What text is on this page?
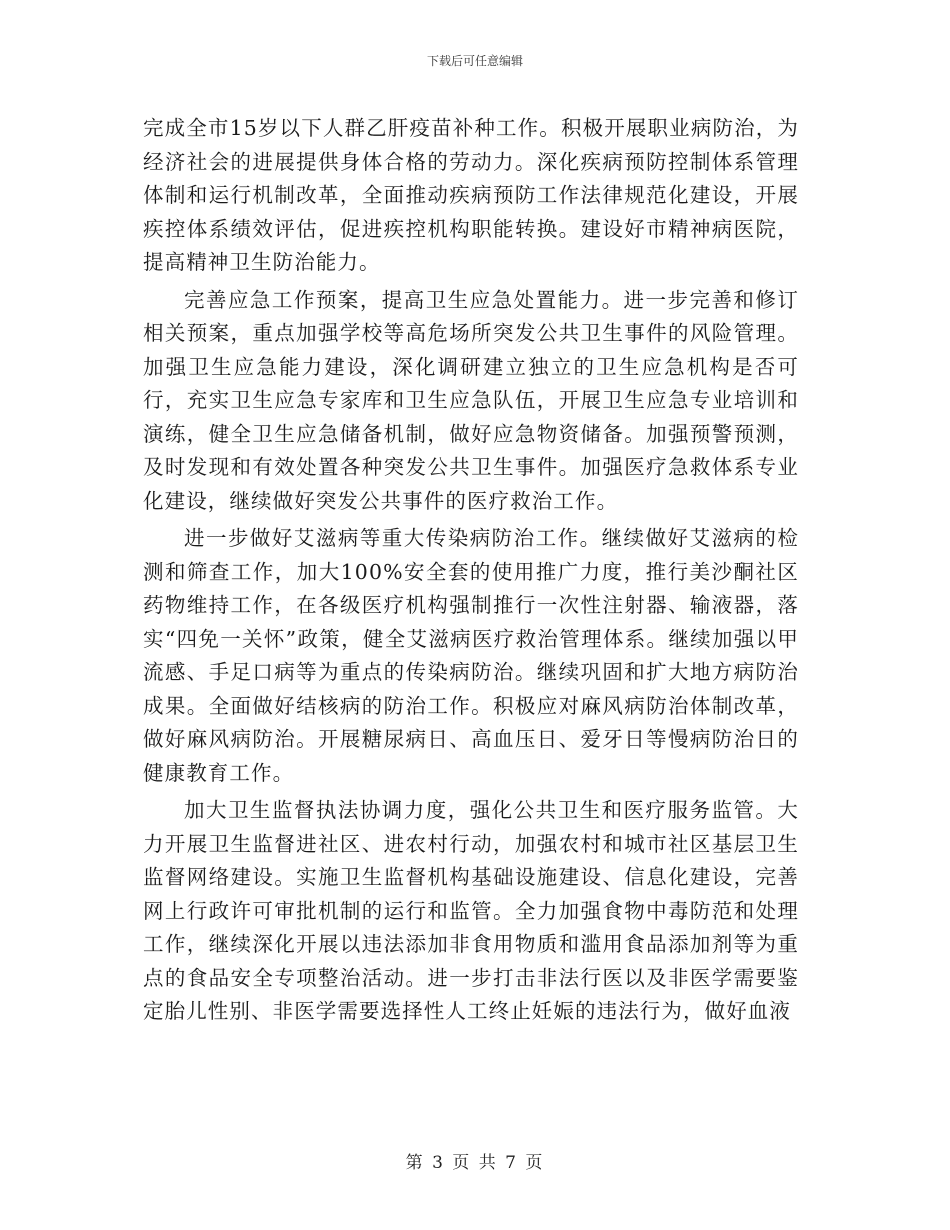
下载后可任意编辑

完成全市15岁以下人群乙肝疫苗补种工作。积极开展职业病防治，为经济社会的进展提供身体合格的劳动力。深化疾病预防控制体系管理体制和运行机制改革，全面推动疾病预防工作法律规范化建设，开展疾控体系绩效评估，促进疾控机构职能转换。建设好市精神病医院，提高精神卫生防治能力。

完善应急工作预案，提高卫生应急处置能力。进一步完善和修订相关预案，重点加强学校等高危场所突发公共卫生事件的风险管理。加强卫生应急能力建设，深化调研建立独立的卫生应急机构是否可行，充实卫生应急专家库和卫生应急队伍，开展卫生应急专业培训和演练，健全卫生应急储备机制，做好应急物资储备。加强预警预测，及时发现和有效处置各种突发公共卫生事件。加强医疗急救体系专业化建设，继续做好突发公共事件的医疗救治工作。

进一步做好艾滋病等重大传染病防治工作。继续做好艾滋病的检测和筛查工作，加大100%安全套的使用推广力度，推行美沙酮社区药物维持工作，在各级医疗机构强制推行一次性注射器、输液器，落实“四免一关怀”政策，健全艾滋病医疗救治管理体系。继续加强以甲流感、手足口病等为重点的传染病防治。继续巩固和扩大地方病防治成果。全面做好结核病的防治工作。积极应对麻风病防治体制改革，做好麻风病防治。开展糖尿病日、高血压日、爱牙日等慢病防治日的健康教育工作。

加大卫生监督执法协调力度，强化公共卫生和医疗服务监管。大力开展卫生监督进社区、进农村行动，加强农村和城市社区基层卫生监督网络建设。实施卫生监督机构基础设施建设、信息化建设，完善网上行政许可审批机制的运行和监管。全力加强食物中毒防范和处理工作，继续深化开展以违法添加非食用物质和滥用食品添加剂等为重点的食品安全专项整治活动。进一步打击非法行医以及非医学需要鉴定胎儿性别、非医学需要选择性人工终止妊娠的违法行为，做好血液

第 3 页 共 7 页
